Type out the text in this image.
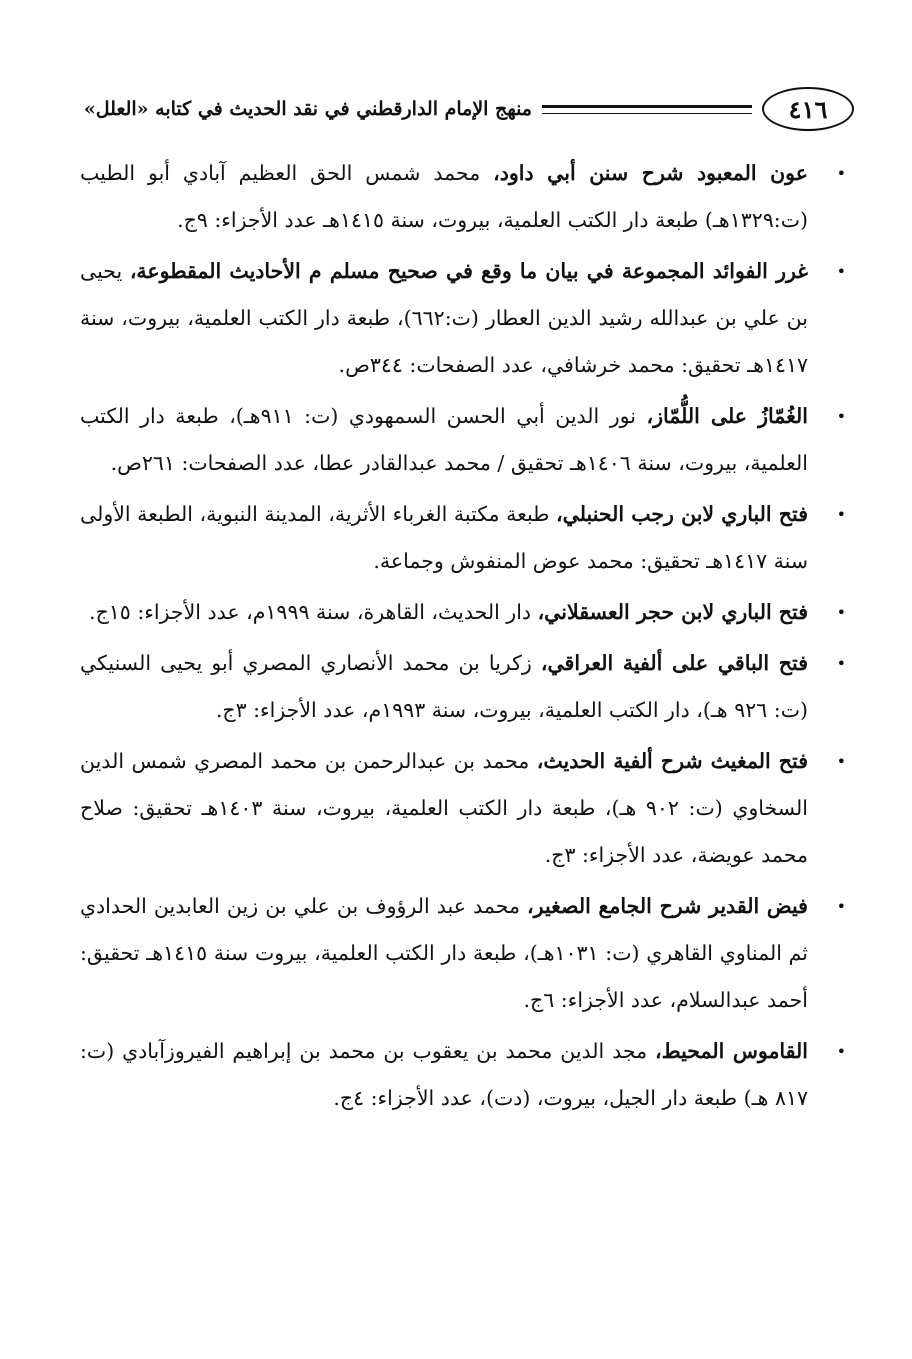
٤١٦
منهج الإمام الدارقطني في نقد الحديث في كتابه «العلل»
•
عون المعبود شرح سنن أبي داود، محمد شمس الحق العظيم آبادي أبو الطيب (ت:١٣٢٩هـ) طبعة دار الكتب العلمية، بيروت، سنة ١٤١٥هـ عدد الأجزاء: ٩ج.
•
غرر الفوائد المجموعة في بيان ما وقع في صحيح مسلم م الأحاديث المقطوعة، يحيى بن علي بن عبدالله رشيد الدين العطار (ت:٦٦٢)، طبعة دار الكتب العلمية، بيروت، سنة ١٤١٧هـ تحقيق: محمد خرشافي، عدد الصفحات: ٣٤٤ص.
•
الغُمّازُ على اللُّمّاز، نور الدين أبي الحسن السمهودي (ت: ٩١١هـ)، طبعة دار الكتب العلمية، بيروت، سنة ١٤٠٦هـ تحقيق / محمد عبدالقادر عطا، عدد الصفحات: ٢٦١ص.
•
فتح الباري لابن رجب الحنبلي، طبعة مكتبة الغرباء الأثرية، المدينة النبوية، الطبعة الأولى سنة ١٤١٧هـ تحقيق: محمد عوض المنفوش وجماعة.
•
فتح الباري لابن حجر العسقلاني، دار الحديث، القاهرة، سنة ١٩٩٩م، عدد الأجزاء: ١٥ج.
•
فتح الباقي على ألفية العراقي، زكريا بن محمد الأنصاري المصري أبو يحيى السنيكي (ت: ٩٢٦ هـ)، دار الكتب العلمية، بيروت، سنة ١٩٩٣م، عدد الأجزاء: ٣ج.
•
فتح المغيث شرح ألفية الحديث، محمد بن عبدالرحمن بن محمد المصري شمس الدين السخاوي (ت: ٩٠٢ هـ)، طبعة دار الكتب العلمية، بيروت، سنة ١٤٠٣هـ تحقيق: صلاح محمد عويضة، عدد الأجزاء: ٣ج.
•
فيض القدير شرح الجامع الصغير، محمد عبد الرؤوف بن علي بن زين العابدين الحدادي ثم المناوي القاهري (ت: ١٠٣١هـ)، طبعة دار الكتب العلمية، بيروت سنة ١٤١٥هـ تحقيق: أحمد عبدالسلام، عدد الأجزاء: ٦ج.
•
القاموس المحيط، مجد الدين محمد بن يعقوب بن محمد بن إبراهيم الفيروزآبادي (ت: ٨١٧ هـ) طبعة دار الجيل، بيروت، (دت)، عدد الأجزاء: ٤ج.
